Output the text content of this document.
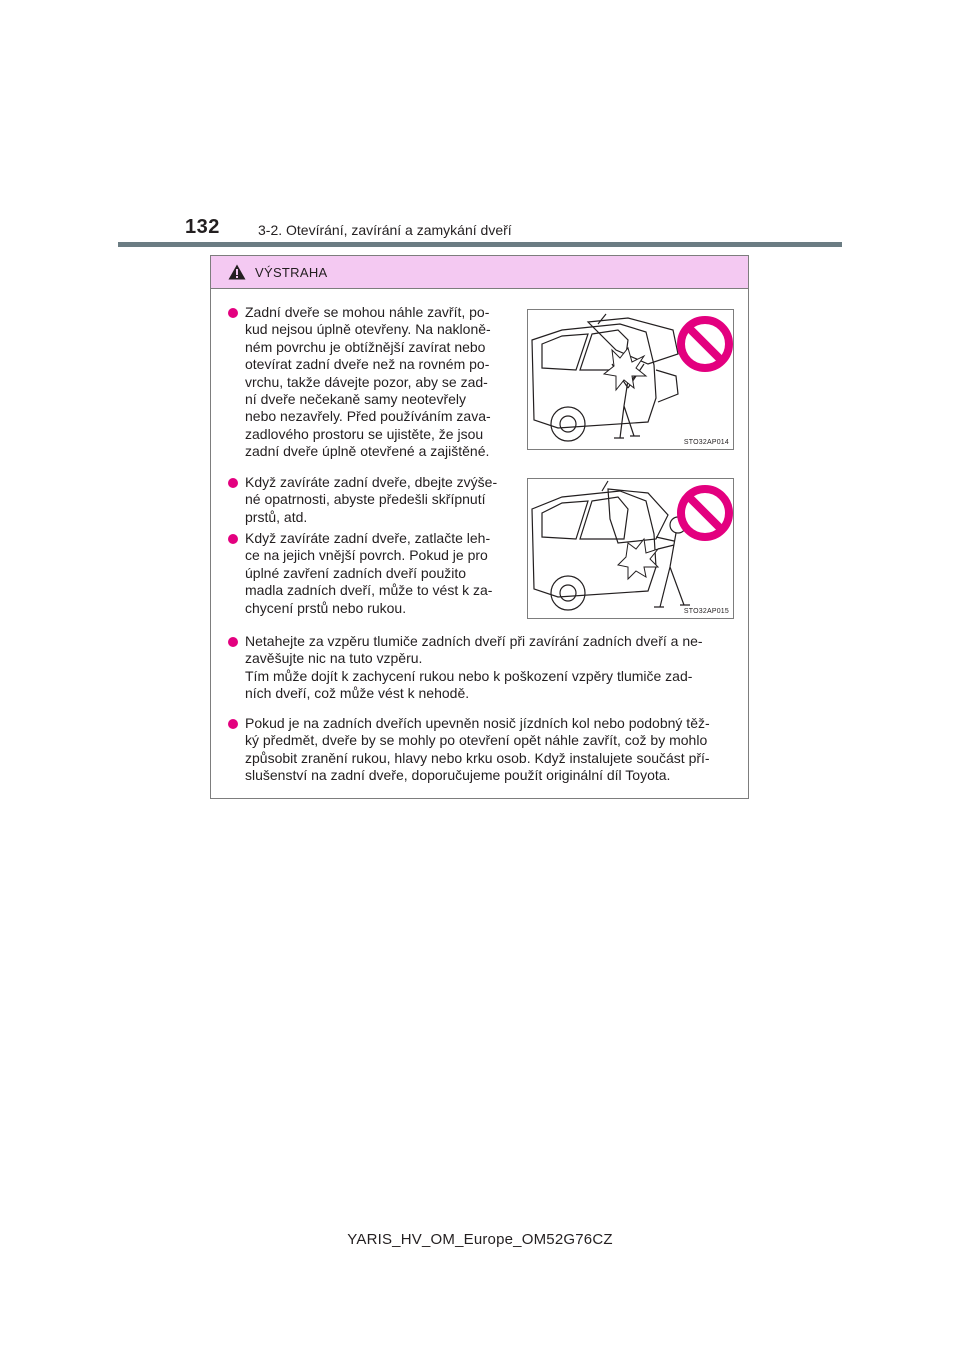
132	3-2. Otevírání, zavírání a zamykání dveří
VÝSTRAHA
Zadní dveře se mohou náhle zavřít, po-
kud nejsou úplně otevřeny. Na nakloně-
ném povrchu je obtížnější zavírat nebo
otevírat zadní dveře než na rovném po-
vrchu, takže dávejte pozor, aby se zad-
ní dveře nečekaně samy neotevřely
nebo nezavřely. Před používáním zava-
zadlového prostoru se ujistěte, že jsou
zadní dveře úplně otevřené a zajištěné.
Když zavíráte zadní dveře, dbejte zvýše-
né opatrnosti, abyste předešli skřípnutí
prstů, atd.
Když zavíráte zadní dveře, zatlačte leh-
ce na jejich vnější povrch. Pokud je pro
úplné zavření zadních dveří použito
madla zadních dveří, může to vést k za-
chycení prstů nebo rukou.
Netahejte za vzpěru tlumiče zadních dveří při zavírání zadních dveří a ne-
zavěšujte nic na tuto vzpěru.
Tím může dojít k zachycení rukou nebo k poškození vzpěry tlumiče zad-
ních dveří, což může vést k nehodě.
Pokud je na zadních dveřích upevněn nosič jízdních kol nebo podobný těž-
ký předmět, dveře by se mohly po otevření opět náhle zavřít, což by mohlo
způsobit zranění rukou, hlavy nebo krku osob. Když instalujete součást pří-
slušenství na zadní dveře, doporučujeme použít originální díl Toyota.
STO32AP014
STO32AP015
YARIS_HV_OM_Europe_OM52G76CZ
